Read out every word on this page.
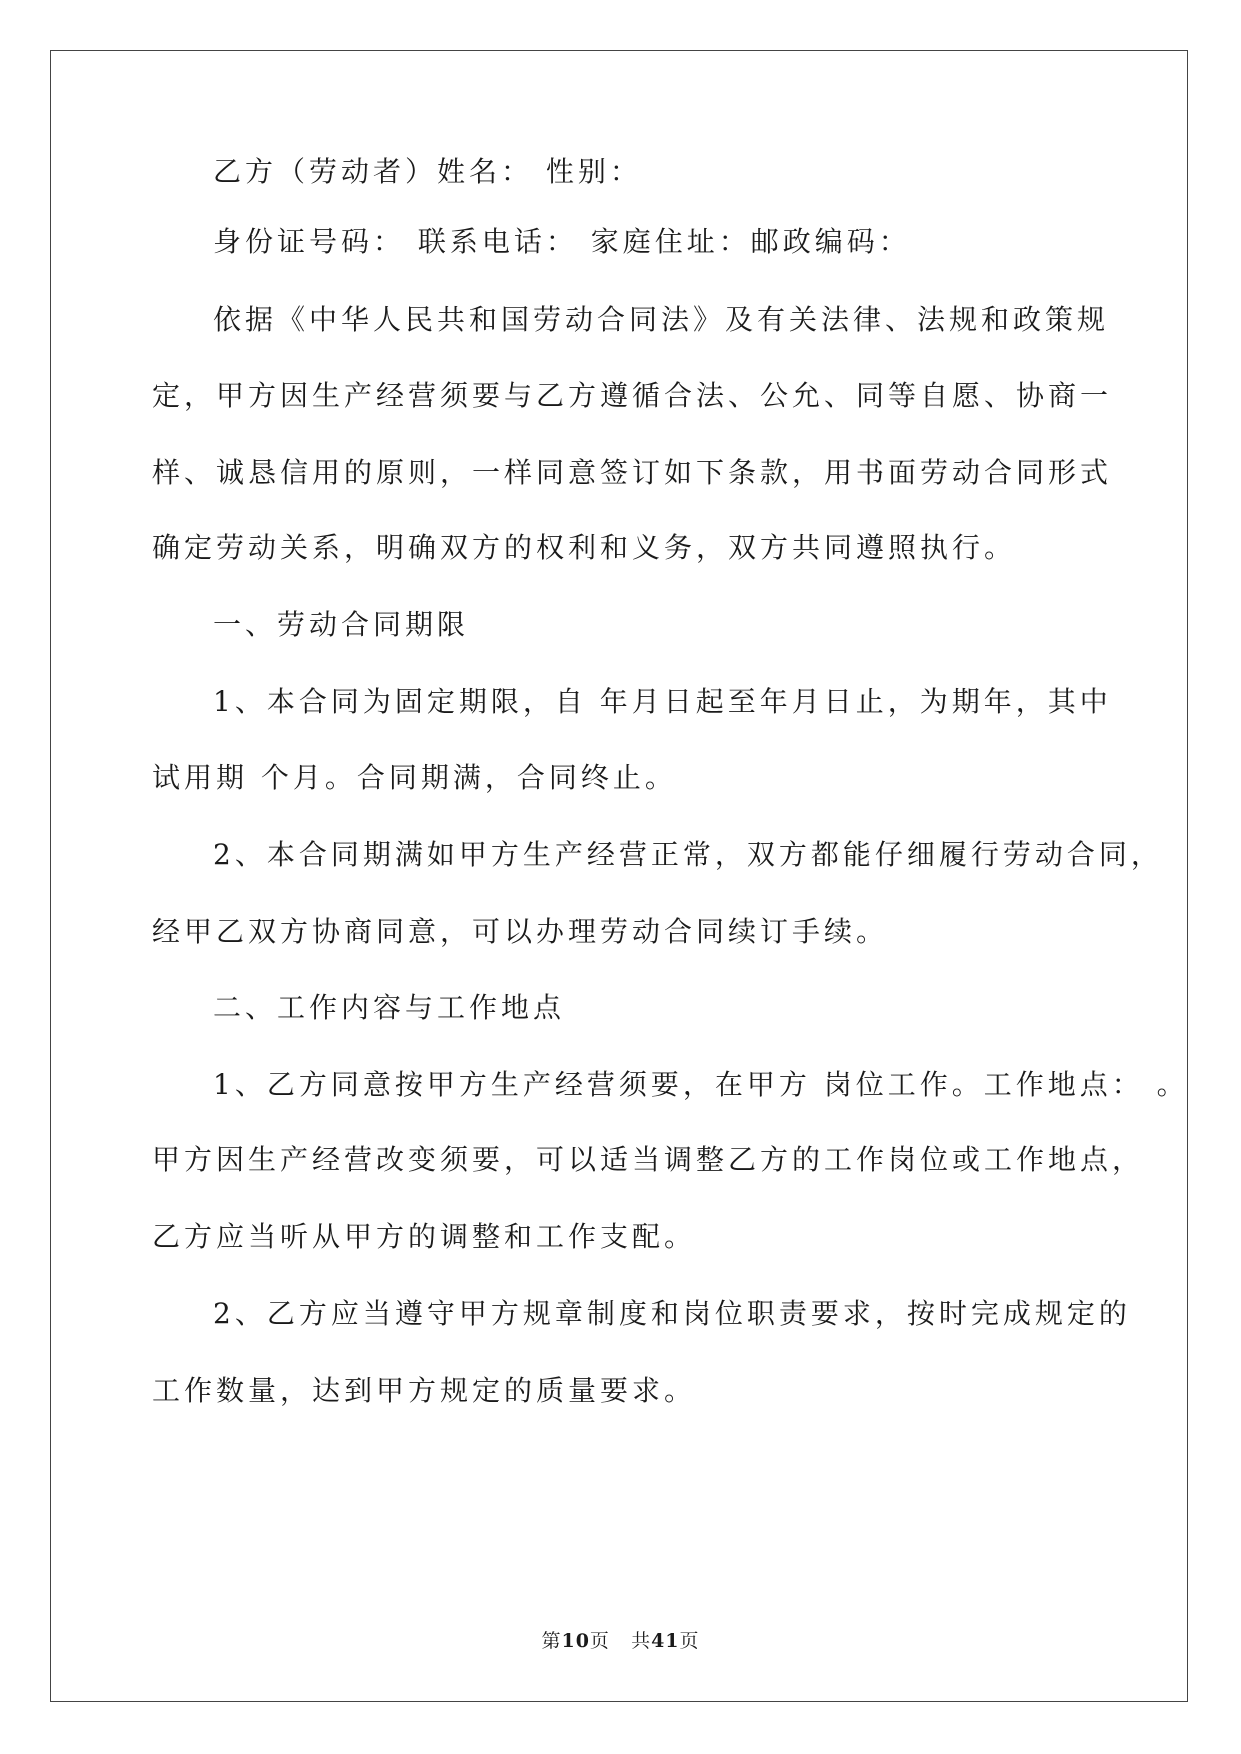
乙方（劳动者）姓名： 性别：
身份证号码： 联系电话： 家庭住址：邮政编码：
依据《中华人民共和国劳动合同法》及有关法律、法规和政策规
定，甲方因生产经营须要与乙方遵循合法、公允、同等自愿、协商一
样、诚恳信用的原则，一样同意签订如下条款，用书面劳动合同形式
确定劳动关系，明确双方的权利和义务，双方共同遵照执行。
一、劳动合同期限
1、本合同为固定期限，自 年月日起至年月日止，为期年，其中
试用期 个月。合同期满，合同终止。
2、本合同期满如甲方生产经营正常，双方都能仔细履行劳动合同，
经甲乙双方协商同意，可以办理劳动合同续订手续。
二、工作内容与工作地点
1、乙方同意按甲方生产经营须要，在甲方 岗位工作。工作地点： 。
甲方因生产经营改变须要，可以适当调整乙方的工作岗位或工作地点，
乙方应当听从甲方的调整和工作支配。
2、乙方应当遵守甲方规章制度和岗位职责要求，按时完成规定的
工作数量，达到甲方规定的质量要求。
第10页 共41页
